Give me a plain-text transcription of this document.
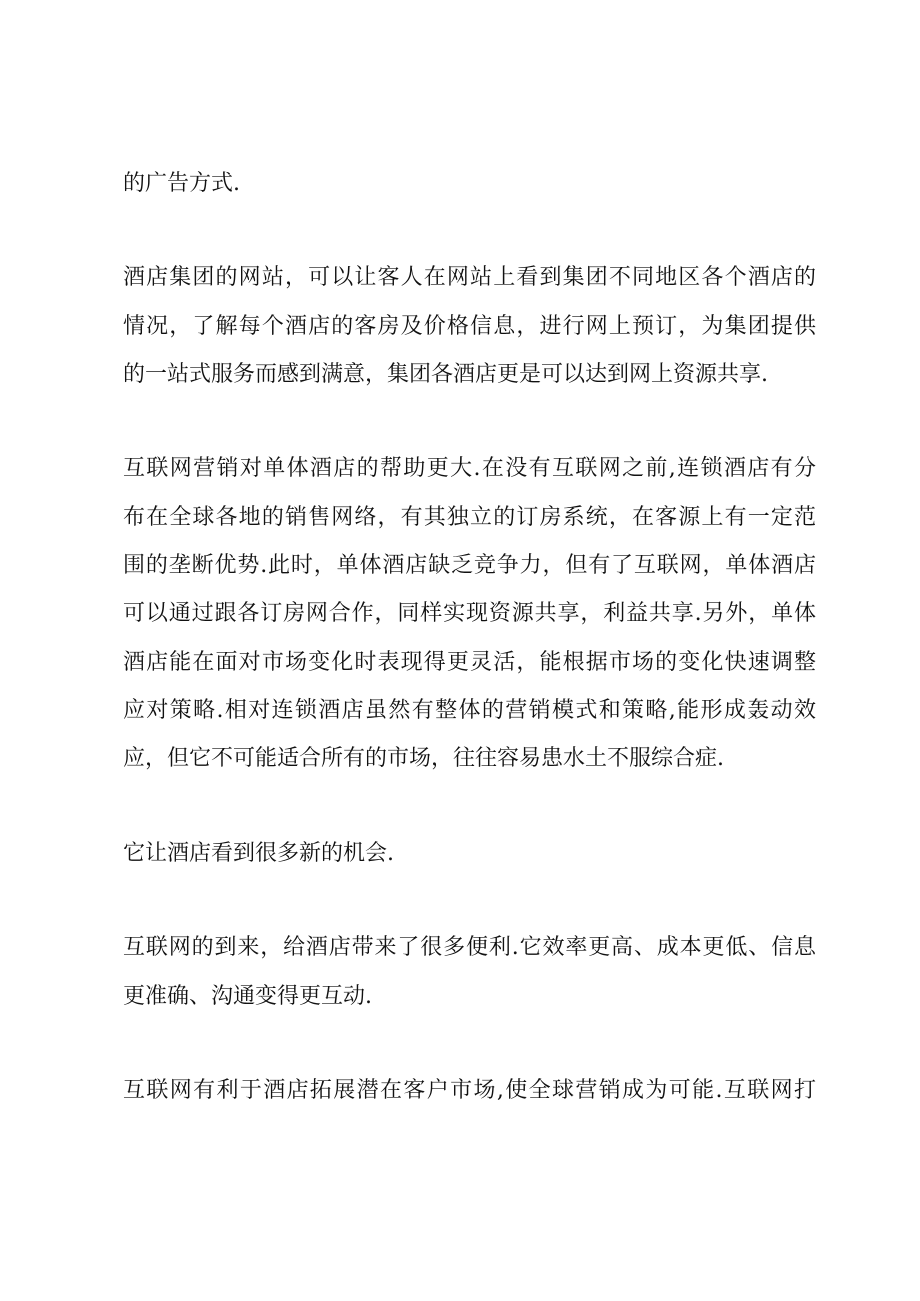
的广告方式.
酒店集团的网站，可以让客人在网站上看到集团不同地区各个酒店的
情况，了解每个酒店的客房及价格信息，进行网上预订，为集团提供
的一站式服务而感到满意，集团各酒店更是可以达到网上资源共享.
互联网营销对单体酒店的帮助更大.在没有互联网之前,连锁酒店有分
布在全球各地的销售网络，有其独立的订房系统，在客源上有一定范
围的垄断优势.此时，单体酒店缺乏竞争力，但有了互联网，单体酒店
可以通过跟各订房网合作，同样实现资源共享，利益共享.另外，单体
酒店能在面对市场变化时表现得更灵活，能根据市场的变化快速调整
应对策略.相对连锁酒店虽然有整体的营销模式和策略,能形成轰动效
应，但它不可能适合所有的市场，往往容易患水土不服综合症.
它让酒店看到很多新的机会.
互联网的到来，给酒店带来了很多便利.它效率更高、成本更低、信息
更准确、沟通变得更互动.
互联网有利于酒店拓展潜在客户市场,使全球营销成为可能.互联网打
